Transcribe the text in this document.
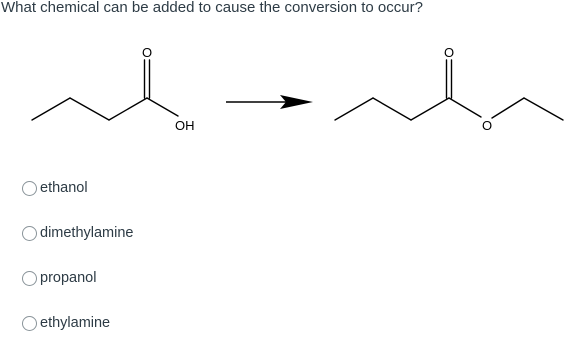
What chemical can be added to cause the conversion to occur?
O
OH
O
O
ethanol
dimethylamine
propanol
ethylamine
